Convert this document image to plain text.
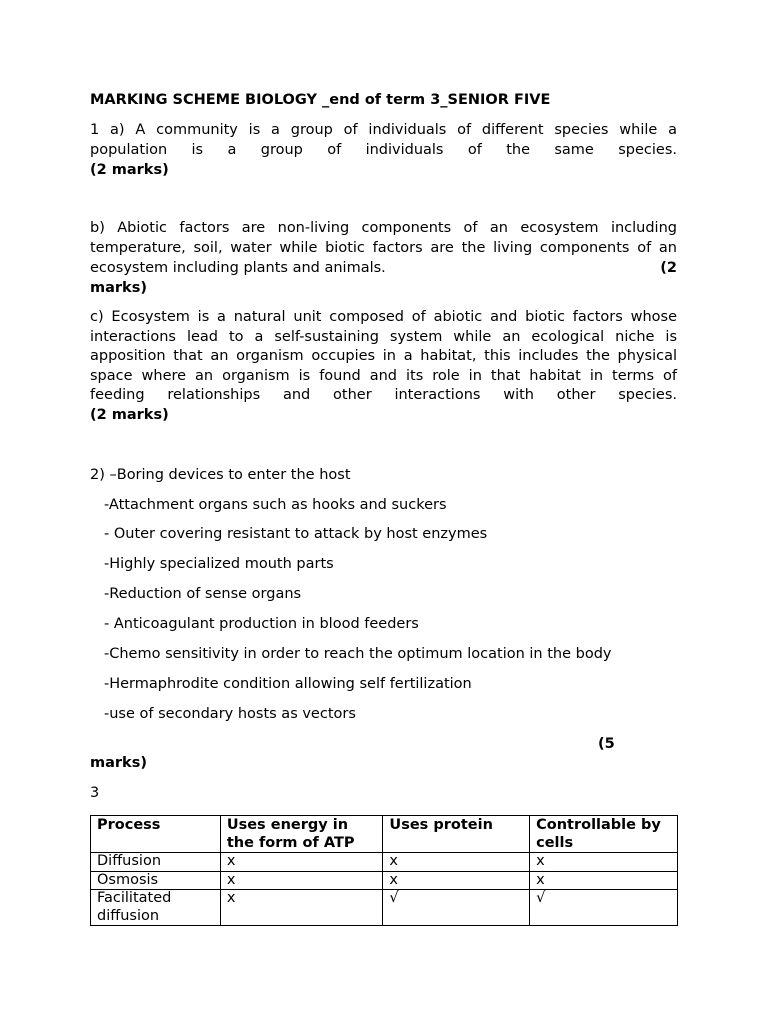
MARKING SCHEME BIOLOGY _end of term 3_SENIOR FIVE
1 a) A community is a group of individuals of different species while a
population is a group of individuals of the same species.
(2 marks)
b) Abiotic factors are non-living components of an ecosystem including temperature, soil, water while biotic factors are the living components of an
ecosystem including plants and animals.	(2
marks)
c) Ecosystem is a natural unit composed of abiotic and biotic factors whose interactions lead to a self-sustaining system while an ecological niche is apposition that an organism occupies in a habitat, this includes the physical space where an organism is found and its role in that habitat in terms of
feeding relationships and other interactions with other species.
(2 marks)
2) –Boring devices to enter the host
-Attachment organs such as hooks and suckers
- Outer covering resistant to attack by host enzymes
-Highly specialized mouth parts
-Reduction of sense organs
- Anticoagulant production in blood feeders
-Chemo sensitivity in order to reach the optimum location in the body
-Hermaphrodite condition allowing self fertilization
-use of secondary hosts as vectors
(5
marks)
3
Process	Uses energy in the form of ATP	Uses protein	Controllable by cells
Diffusion	x	x	x
Osmosis	x	x	x
Facilitated diffusion	x	√	√
